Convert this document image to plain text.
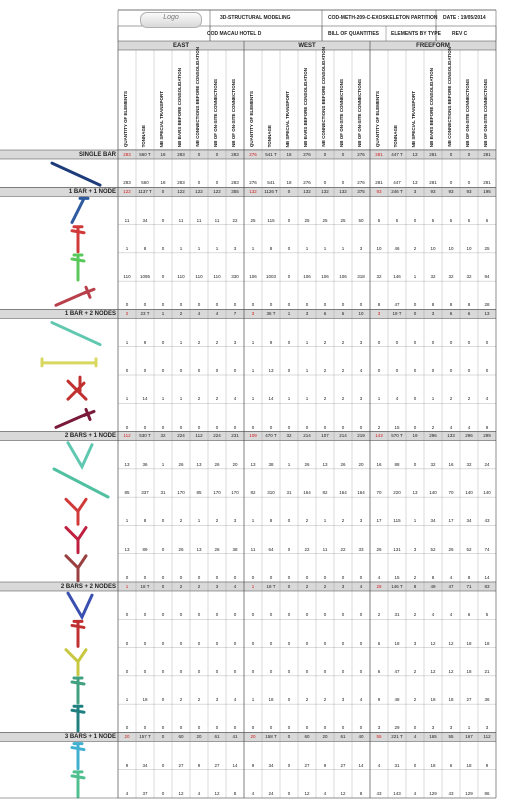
Logo	3D-STRUCTURAL MODELING	COD-METH-209-C-EXOSKELETON PARTITION DATE : 19/05/2014
COD MACAU HOTEL D	BILL OF QUANTITIES ELEMENTS BY TYPE REV C
EAST	WEST	FREEFORM
QUANTITY OF ELEMENTS	TONNAGE	NB SPECIAL TRANSPORT	NB BARS BEFORE CONSOLIDATION	NB CONNECTIONS BEFORE CONSOLIDATION	NB OF ON-SITE CONNECTIONS	NB OF ON-SITE CONNECTIONS	QUANTITY OF ELEMENTS	TONNAGE	NB SPECIAL TRANSPORT	NB BARS BEFORE CONSOLIDATION	NB CONNECTIONS BEFORE CONSOLIDATION	NB OF ON-SITE CONNECTIONS	NB OF ON-SITE CONNECTIONS	QUANTITY OF ELEMENTS	TONNAGE	NB SPECIAL TRANSPORT	NB BARS BEFORE CONSOLIDATION	NB CONNECTIONS BEFORE CONSOLIDATION	NB OF ON-SITE CONNECTIONS	NB OF ON-SITE CONNECTIONS
SINGLE BAR	283	560 T	18	283	0	0	283	276	541 T	18	276	0	0	276	281	447 T	13	281	0	0	281
283	560	18	283	0	0	283	276	541	18	276	0	0	276	281	447	13	281	0	0	281
1 BAR + 1 NODE	122	1137 T	0	122	122	122	355	132	1126 T	0	132	132	132	375	93	246 T	3	93	93	93	195
11	34	0	11	11	11	22	25	115	0	25	25	25	50	5	5	0	5	5	5	6
1	8	0	1	1	1	3	1	8	0	1	1	1	3	10	46	2	10	10	10	25
110	1095	0	110	110	110	330	106	1003	0	106	106	106	318	32	146	1	32	32	32	94
0	0	0	0	0	0	0	0	0	0	0	0	0	0	8	47	0	8	8	8	28
1 BAR + 2 NODES	2	23 T	1	2	4	4	7	3	36 T	1	3	6	6	10	3	19 T	0	3	6	6	13
1	9	0	1	2	2	3	1	9	0	1	2	2	3	0	0	0	0	0	0	0
0	0	0	0	0	0	0	1	13	0	1	2	2	4	0	0	0	0	0	0	0
1	14	1	1	2	2	4	1	14	1	1	2	2	3	1	4	0	1	2	2	4
0	0	0	0	0	0	0	0	0	0	0	0	0	0	2	15	0	2	4	4	9
2 BARS + 1 NODE	112	530 T	32	224	112	224	231	109	470 T	32	214	107	214	219	143	570 T	19	296	133	296	299
13	36	1	26	13	26	20	13	38	1	26	13	26	20	16	88	0	32	16	32	24
85	337	31	170	85	170	170	82	310	31	164	82	164	164	70	220	13	140	70	140	140
1	8	0	2	1	2	3	1	8	0	2	1	2	3	17	115	1	34	17	34	43
13	89	0	26	13	26	38	11	64	0	22	11	22	33	26	131	3	52	26	52	74
0	0	0	0	0	0	0	0	0	0	0	0	0	0	4	15	2	8	4	8	14
2 BARS + 2 NODES	1	18 T	0	2	2	3	4	1	18 T	0	2	2	3	4	28	146 T	8	49	47	71	83
0	0	0	0	0	0	0	0	0	0	0	0	0	0	2	31	2	4	4	6	5
0	0	0	0	0	0	0	0	0	0	0	0	0	0	6	18	3	12	12	18	18
0	0	0	0	0	0	0	0	0	0	0	0	0	0	6	47	2	12	12	18	21
1	18	0	2	2	3	4	1	18	0	2	2	3	4	9	48	2	18	18	27	36
0	0	0	0	0	0	0	0	0	0	0	0	0	0	3	29	0	3	3	1	3
3 BARS + 1 NODE	20	157 T	0	60	20	61	41	20	158 T	0	60	20	61	40	55	221 T	4	165	55	167	112
9	34	0	27	9	27	14	9	34	0	27	9	27	14	4	31	0	18	6	18	9
4	37	0	12	4	12	8	4	24	0	12	4	12	8	43	143	4	129	43	129	86
